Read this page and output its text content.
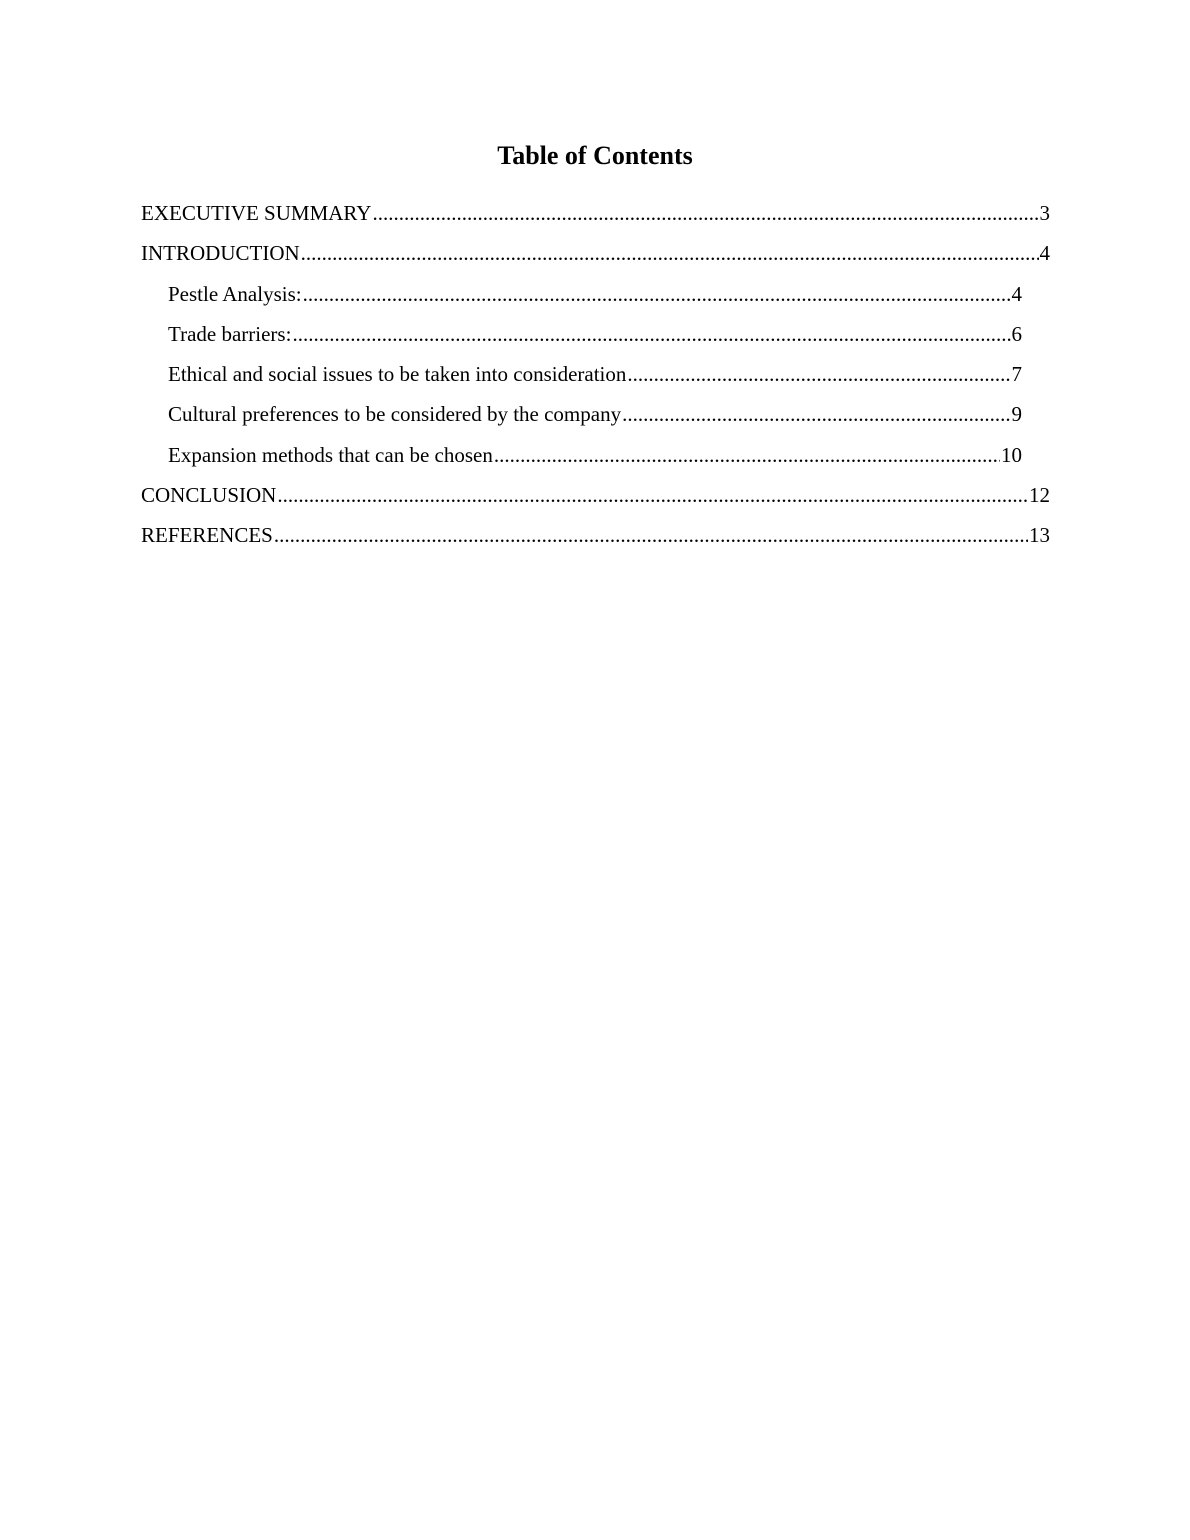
Table of Contents
EXECUTIVE SUMMARY .....	3
INTRODUCTION .....	4
Pestle Analysis: .....	4
Trade barriers: .....	6
Ethical and social issues to be taken into consideration .....	7
Cultural preferences to be considered by the company .....	9
Expansion methods that can be chosen .....	10
CONCLUSION .....	12
REFERENCES .....	13
